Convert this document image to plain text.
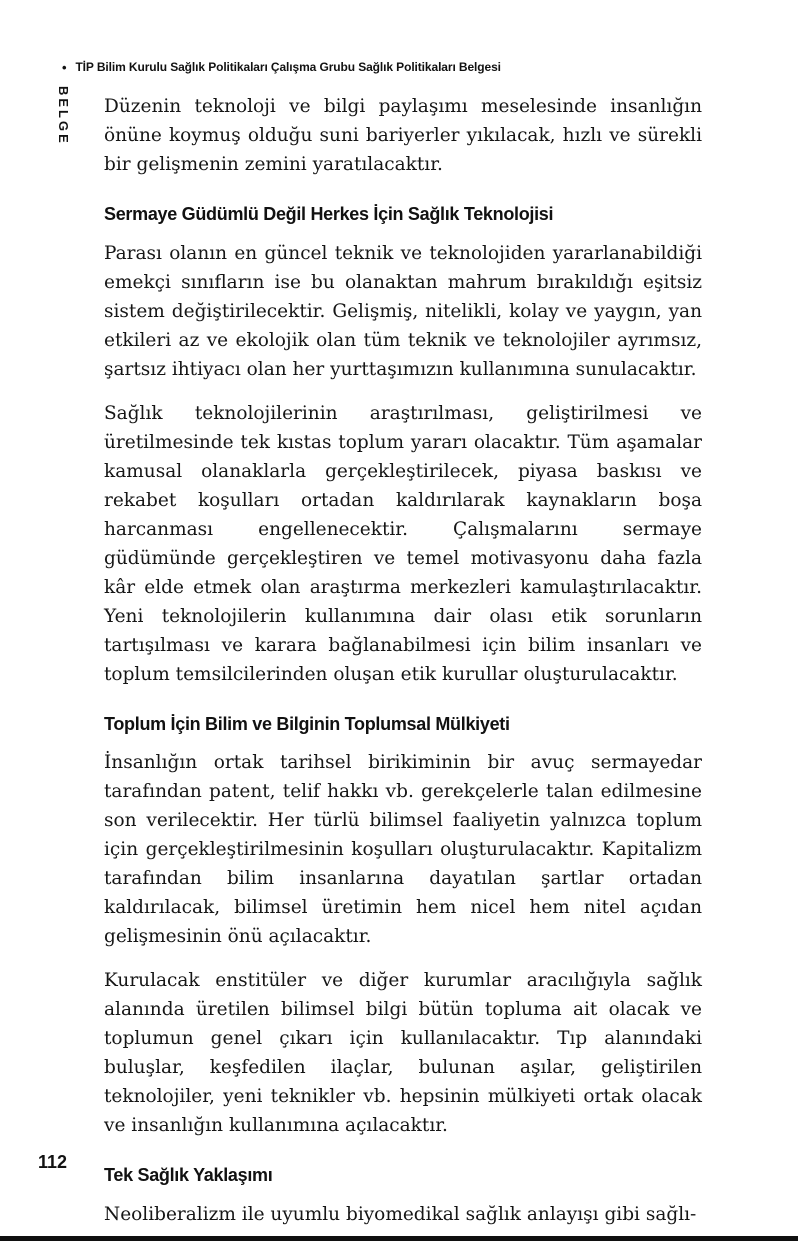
• TİP Bilim Kurulu Sağlık Politikaları Çalışma Grubu Sağlık Politikaları Belgesi
BELGE Düzenin teknoloji ve bilgi paylaşımı meselesinde insanlığın önüne koymuş olduğu suni bariyerler yıkılacak, hızlı ve sürekli bir gelişmenin zemini yaratılacaktır.

Sermaye Güdümlü Değil Herkes İçin Sağlık Teknolojisi

Parası olanın en güncel teknik ve teknolojiden yararlanabildiği emekçi sınıfların ise bu olanaktan mahrum bırakıldığı eşitsiz sistem değiştirilecektir. Gelişmiş, nitelikli, kolay ve yaygın, yan etkileri az ve ekolojik olan tüm teknik ve teknolojiler ayrımsız, şartsız ihtiyacı olan her yurttaşımızın kullanımına sunulacaktır.

Sağlık teknolojilerinin araştırılması, geliştirilmesi ve üretilmesinde tek kıstas toplum yararı olacaktır. Tüm aşamalar kamusal olanaklarla gerçekleştirilecek, piyasa baskısı ve rekabet koşulları ortadan kaldırılarak kaynakların boşa harcanması engellenecektir. Çalışmalarını sermaye güdümünde gerçekleştiren ve temel motivasyonu daha fazla kâr elde etmek olan araştırma merkezleri kamulaştırılacaktır. Yeni teknolojilerin kullanımına dair olası etik sorunların tartışılması ve karara bağlanabilmesi için bilim insanları ve toplum temsilcilerinden oluşan etik kurullar oluşturulacaktır.

Toplum İçin Bilim ve Bilginin Toplumsal Mülkiyeti

İnsanlığın ortak tarihsel birikiminin bir avuç sermayedar tarafından patent, telif hakkı vb. gerekçelerle talan edilmesine son verilecektir. Her türlü bilimsel faaliyetin yalnızca toplum için gerçekleştirilmesinin koşulları oluşturulacaktır. Kapitalizm tarafından bilim insanlarına dayatılan şartlar ortadan kaldırılacak, bilimsel üretimin hem nicel hem nitel açıdan gelişmesinin önü açılacaktır.

Kurulacak enstitüler ve diğer kurumlar aracılığıyla sağlık alanında üretilen bilimsel bilgi bütün topluma ait olacak ve toplumun genel çıkarı için kullanılacaktır. Tıp alanındaki buluşlar, keşfedilen ilaçlar, bulunan aşılar, geliştirilen teknolojiler, yeni teknikler vb. hepsinin mülkiyeti ortak olacak ve insanlığın kullanımına açılacaktır.

Tek Sağlık Yaklaşımı

Neoliberalizm ile uyumlu biyomedikal sağlık anlayışı gibi sağlı-

112
